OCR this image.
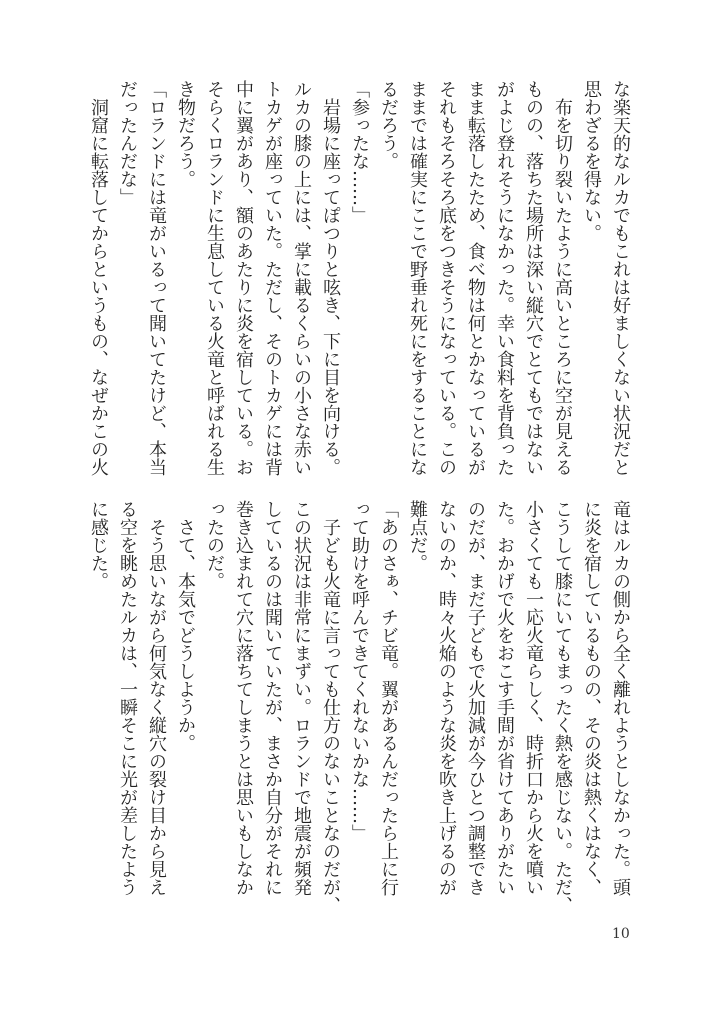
な楽天的なルカでもこれは好ましくない状況だと
思わざるを得ない。
　布を切り裂いたように高いところに空が見える
ものの、落ちた場所は深い縦穴でとてもではない
がよじ登れそうになかった。幸い食料を背負った
まま転落したため、食べ物は何とかなっているが
それもそろそろ底をつきそうになっている。この
ままでは確実にここで野垂れ死にをすることにな
るだろう。
「参ったな……」
　岩場に座ってぽつりと呟き、下に目を向ける。
ルカの膝の上には、掌に載るくらいの小さな赤い
トカゲが座っていた。ただし、そのトカゲには背
中に翼があり、額のあたりに炎を宿している。お
そらくロランドに生息している火竜と呼ばれる生
き物だろう。
「ロランドには竜がいるって聞いてたけど、本当
だったんだな」
　洞窟に転落してからというもの、なぜかこの火
竜はルカの側から全く離れようとしなかった。頭
に炎を宿しているものの、その炎は熱くはなく、
こうして膝にいてもまったく熱を感じない。ただ、
小さくても一応火竜らしく、時折口から火を噴い
た。おかげで火をおこす手間が省けてありがたい
のだが、まだ子どもで火加減が今ひとつ調整でき
ないのか、時々火焔のような炎を吹き上げるのが
難点だ。
「あのさぁ、チビ竜。翼があるんだったら上に行
って助けを呼んできてくれないかな……」
　子ども火竜に言っても仕方のないことなのだが、
この状況は非常にまずい。ロランドで地震が頻発
しているのは聞いていたが、まさか自分がそれに
巻き込まれて穴に落ちてしまうとは思いもしなか
ったのだ。
　さて、本気でどうしようか。
　そう思いながら何気なく縦穴の裂け目から見え
る空を眺めたルカは、一瞬そこに光が差したよう
に感じた。
10
